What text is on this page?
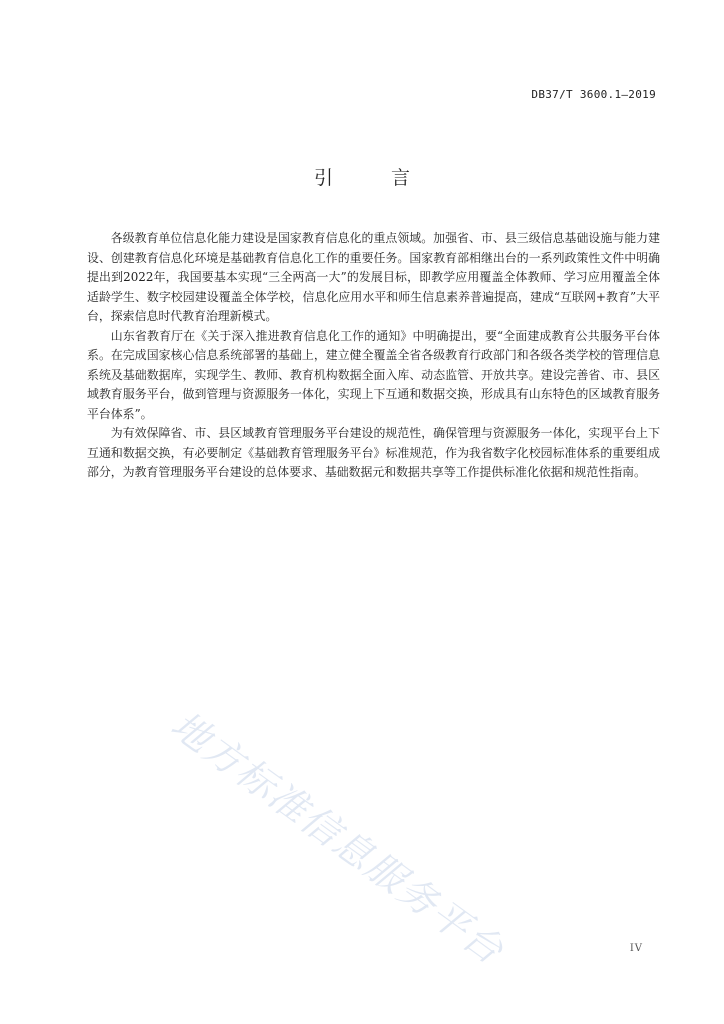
DB37/T 3600.1—2019
引	言

各级教育单位信息化能力建设是国家教育信息化的重点领域。加强省、市、县三级信息基础设施与能力建设、创建教育信息化环境是基础教育信息化工作的重要任务。国家教育部相继出台的一系列政策性文件中明确提出到2022年，我国要基本实现“三全两高一大”的发展目标，即教学应用覆盖全体教师、学习应用覆盖全体适龄学生、数字校园建设覆盖全体学校，信息化应用水平和师生信息素养普遍提高，建成“互联网+教育”大平台，探索信息时代教育治理新模式。

山东省教育厅在《关于深入推进教育信息化工作的通知》中明确提出，要“全面建成教育公共服务平台体系。在完成国家核心信息系统部署的基础上，建立健全覆盖全省各级教育行政部门和各级各类学校的管理信息系统及基础数据库，实现学生、教师、教育机构数据全面入库、动态监管、开放共享。建设完善省、市、县区域教育服务平台，做到管理与资源服务一体化，实现上下互通和数据交换，形成具有山东特色的区域教育服务平台体系”。

为有效保障省、市、县区域教育管理服务平台建设的规范性，确保管理与资源服务一体化，实现平台上下互通和数据交换，有必要制定《基础教育管理服务平台》标准规范，作为我省数字化校园标准体系的重要组成部分，为教育管理服务平台建设的总体要求、基础数据元和数据共享等工作提供标准化依据和规范性指南。

地方标准信息服务平台	IV
